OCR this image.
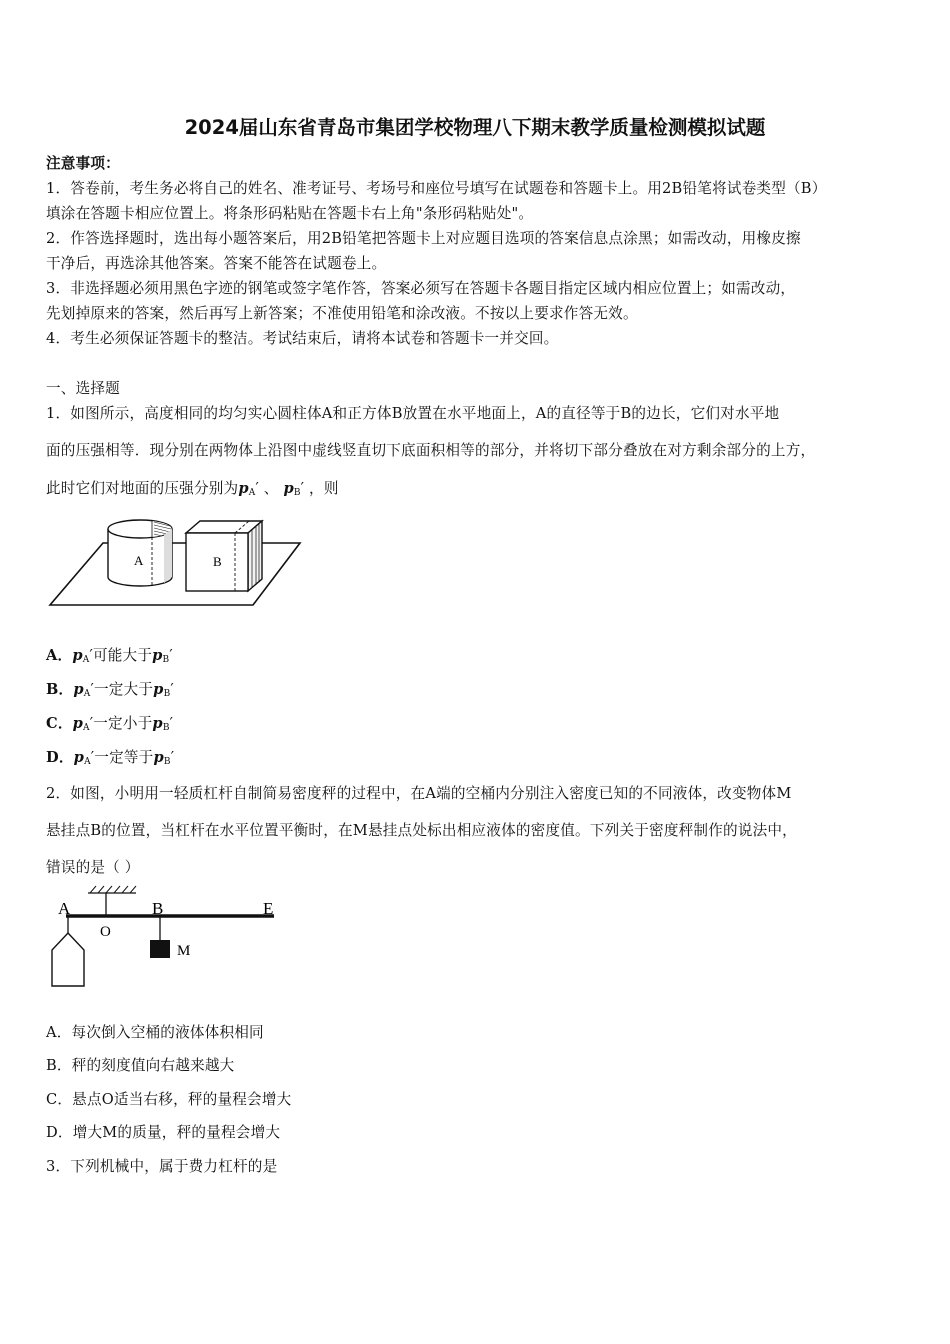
2024届山东省青岛市集团学校物理八下期末教学质量检测模拟试题
注意事项：
1．答卷前，考生务必将自己的姓名、准考证号、考场号和座位号填写在试题卷和答题卡上。用2B铅笔将试卷类型（B）
填涂在答题卡相应位置上。将条形码粘贴在答题卡右上角"条形码粘贴处"。
2．作答选择题时，选出每小题答案后，用2B铅笔把答题卡上对应题目选项的答案信息点涂黑；如需改动，用橡皮擦
干净后，再选涂其他答案。答案不能答在试题卷上。
3．非选择题必须用黑色字迹的钢笔或签字笔作答，答案必须写在答题卡各题目指定区域内相应位置上；如需改动，
先划掉原来的答案，然后再写上新答案；不准使用铅笔和涂改液。不按以上要求作答无效。
4．考生必须保证答题卡的整洁。考试结束后，请将本试卷和答题卡一并交回。
一、选择题
1．如图所示，高度相同的均匀实心圆柱体A和正方体B放置在水平地面上，A的直径等于B的边长，它们对水平地
面的压强相等．现分别在两物体上沿图中虚线竖直切下底面积相等的部分，并将切下部分叠放在对方剩余部分的上方，
此时它们对地面的压强分别为$p_A'$ 、 $p_B'$ ，则
A	B
A．$p_A'$可能大于$p_B'$
B．$p_A'$一定大于$p_B'$
C．$p_A'$一定小于$p_B'$
D．$p_A'$一定等于$p_B'$
2．如图，小明用一轻质杠杆自制简易密度秤的过程中，在A端的空桶内分别注入密度已知的不同液体，改变物体M
悬挂点B的位置，当杠杆在水平位置平衡时，在M悬挂点处标出相应液体的密度值。下列关于密度秤制作的说法中，
错误的是（ ）
A
O
B	E
M
A．每次倒入空桶的液体体积相同
B．秤的刻度值向右越来越大
C．悬点O适当右移，秤的量程会增大
D．增大M的质量，秤的量程会增大
3．下列机械中，属于费力杠杆的是
